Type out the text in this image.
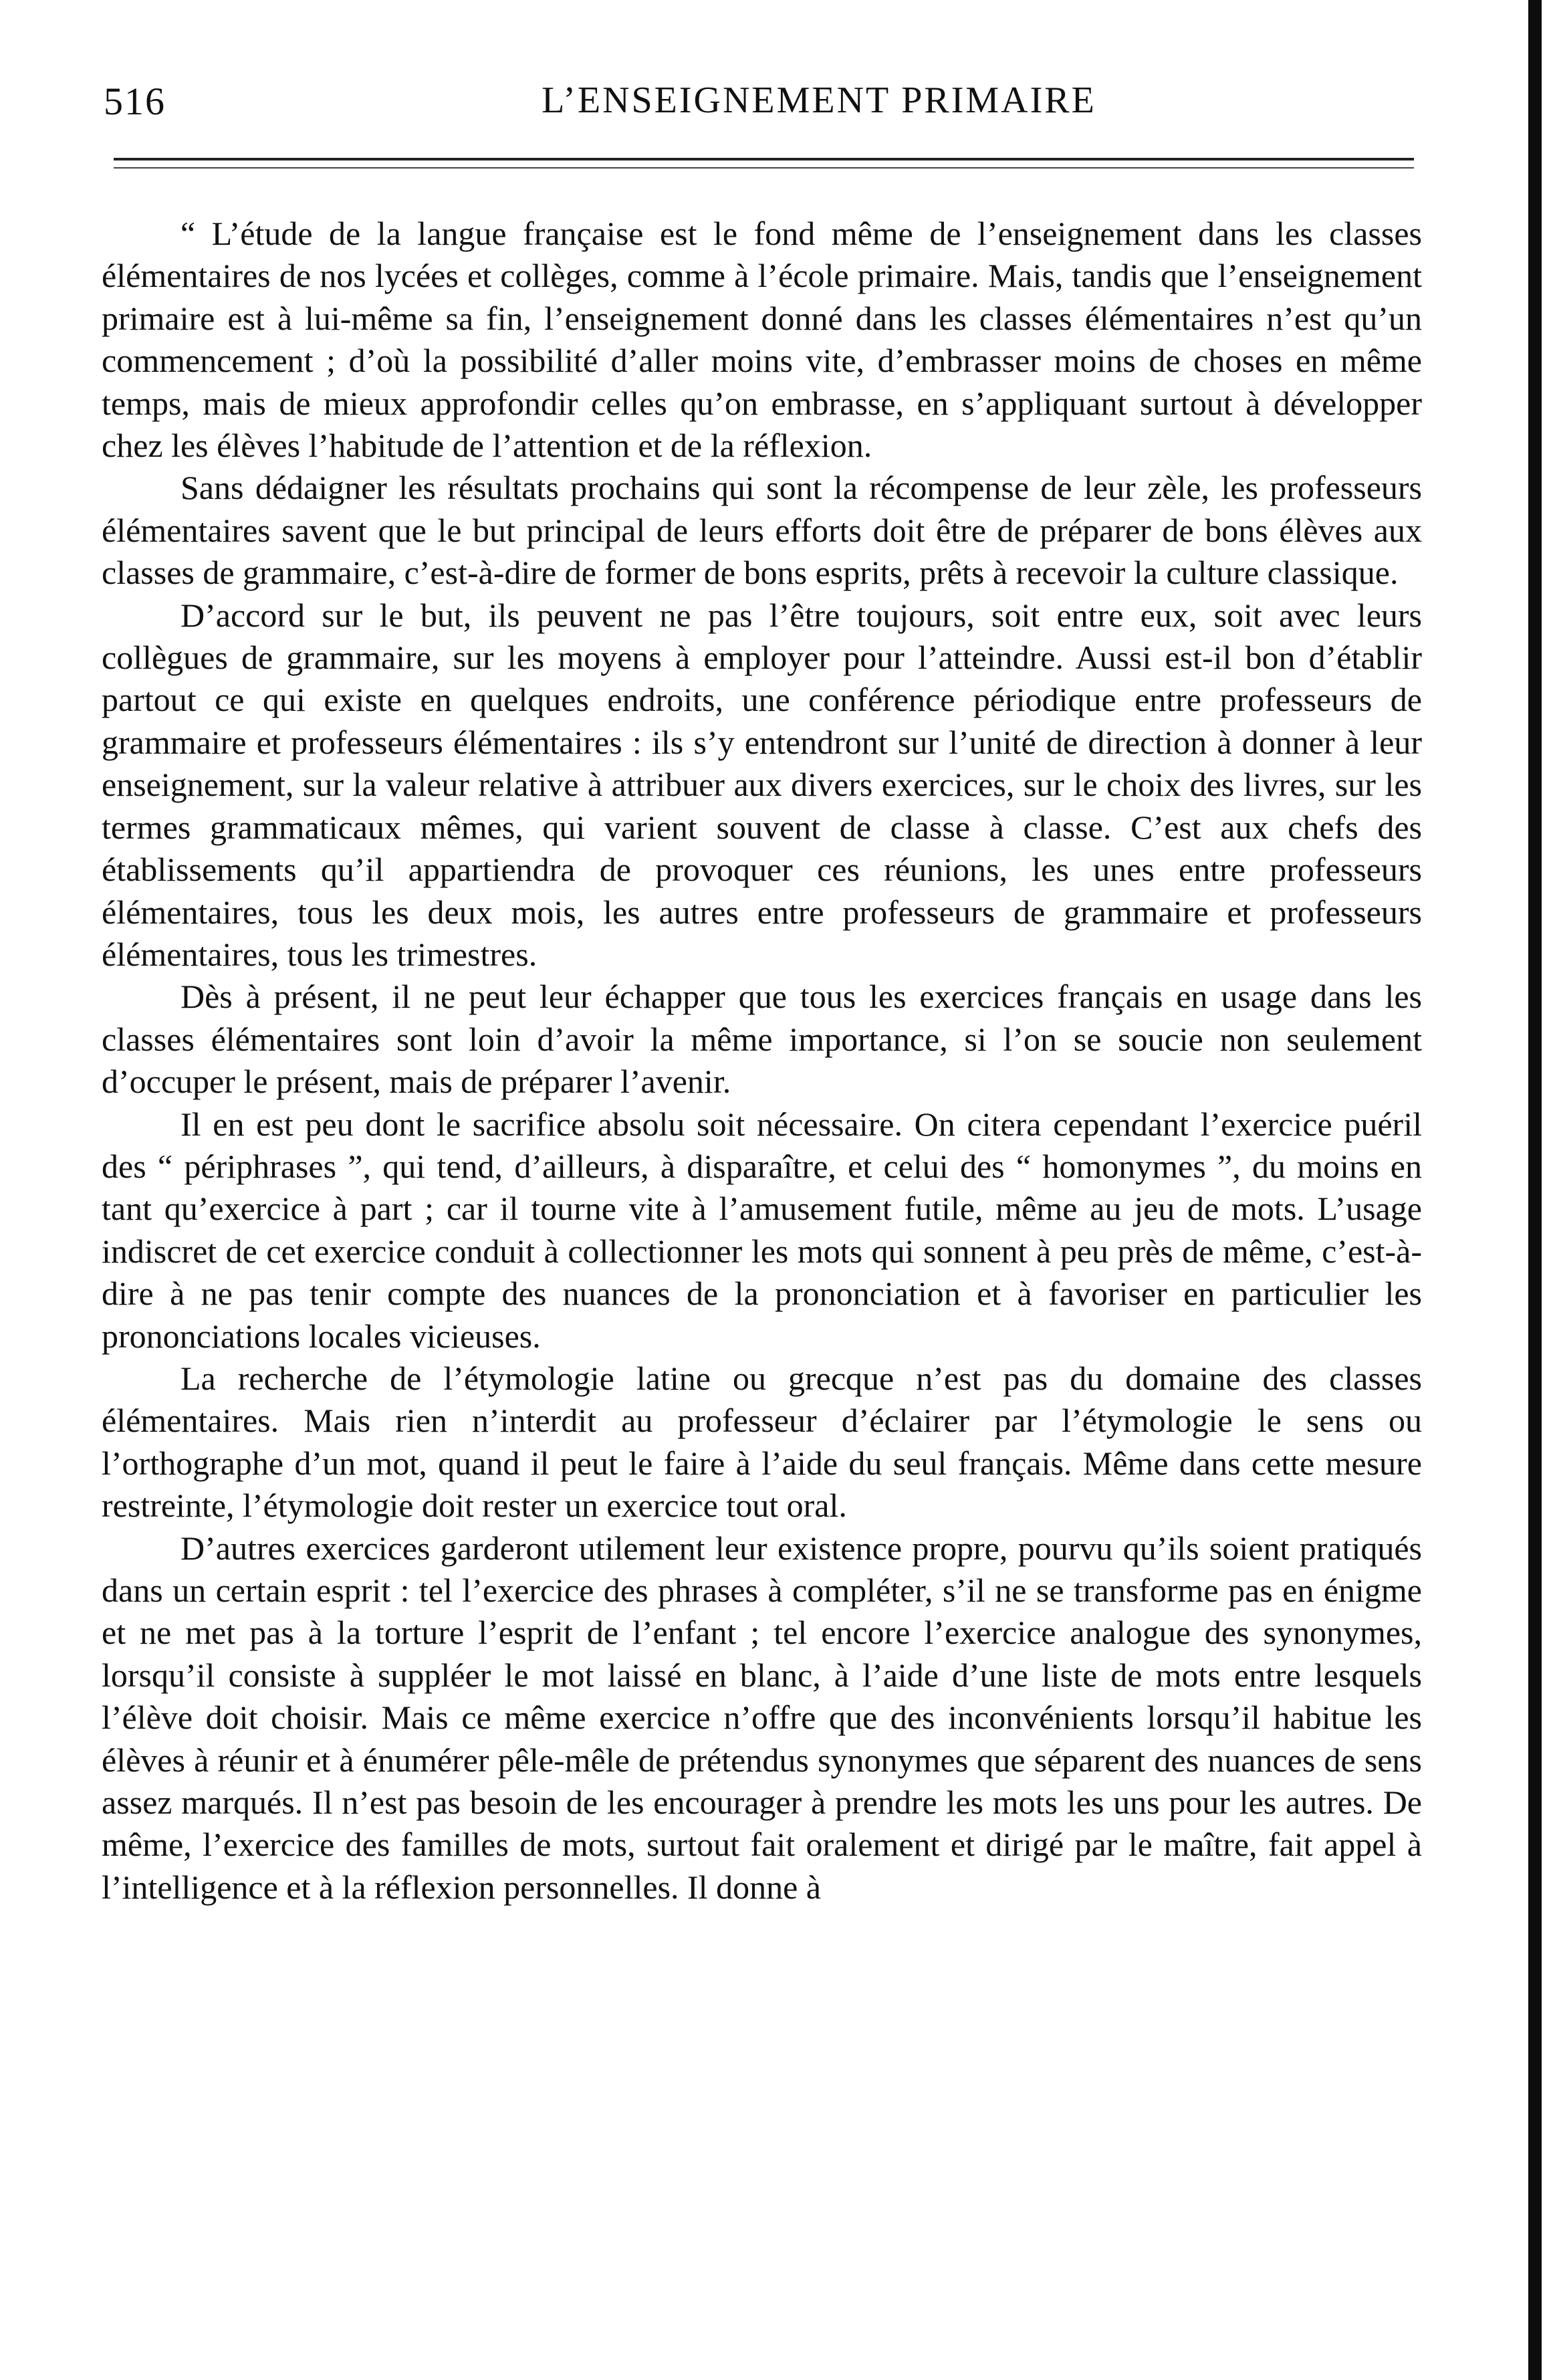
516	L’ENSEIGNEMENT PRIMAIRE

“ L’étude de la langue française est le fond même de l’enseignement dans les classes élémentaires de nos lycées et collèges, comme à l’école primaire. Mais, tandis que l’enseignement primaire est à lui-même sa fin, l’enseignement donné dans les classes élémentaires n’est qu’un commencement ; d’où la possibilité d’aller moins vite, d’embrasser moins de choses en même temps, mais de mieux approfondir celles qu’on embrasse, en s’appliquant surtout à développer chez les élèves l’habitude de l’attention et de la réflexion.

Sans dédaigner les résultats prochains qui sont la récompense de leur zèle, les professeurs élémentaires savent que le but principal de leurs efforts doit être de préparer de bons élèves aux classes de grammaire, c’est-à-dire de former de bons esprits, prêts à recevoir la culture classique.

D’accord sur le but, ils peuvent ne pas l’être toujours, soit entre eux, soit avec leurs collègues de grammaire, sur les moyens à employer pour l’atteindre. Aussi est-il bon d’établir partout ce qui existe en quelques endroits, une conférence périodique entre professeurs de grammaire et professeurs élémentaires : ils s’y entendront sur l’unité de direction à donner à leur enseignement, sur la valeur relative à attribuer aux divers exercices, sur le choix des livres, sur les termes grammaticaux mêmes, qui varient souvent de classe à classe. C’est aux chefs des établissements qu’il appartiendra de provoquer ces réunions, les unes entre professeurs élémentaires, tous les deux mois, les autres entre professeurs de grammaire et professeurs élémentaires, tous les trimestres.

Dès à présent, il ne peut leur échapper que tous les exercices français en usage dans les classes élémentaires sont loin d’avoir la même importance, si l’on se soucie non seulement d’occuper le présent, mais de préparer l’avenir.

Il en est peu dont le sacrifice absolu soit nécessaire. On citera cependant l’exercice puéril des “ périphrases ”, qui tend, d’ailleurs, à disparaître, et celui des “ homonymes ”, du moins en tant qu’exercice à part ; car il tourne vite à l’amusement futile, même au jeu de mots. L’usage indiscret de cet exercice conduit à collectionner les mots qui sonnent à peu près de même, c’est-à-dire à ne pas tenir compte des nuances de la prononciation et à favoriser en particulier les prononciations locales vicieuses.

La recherche de l’étymologie latine ou grecque n’est pas du domaine des classes élémentaires. Mais rien n’interdit au professeur d’éclairer par l’étymologie le sens ou l’orthographe d’un mot, quand il peut le faire à l’aide du seul français. Même dans cette mesure restreinte, l’étymologie doit rester un exercice tout oral.

D’autres exercices garderont utilement leur existence propre, pourvu qu’ils soient pratiqués dans un certain esprit : tel l’exercice des phrases à compléter, s’il ne se transforme pas en énigme et ne met pas à la torture l’esprit de l’enfant ; tel encore l’exercice analogue des synonymes, lorsqu’il consiste à suppléer le mot laissé en blanc, à l’aide d’une liste de mots entre lesquels l’élève doit choisir. Mais ce même exercice n’offre que des inconvénients lorsqu’il habitue les élèves à réunir et à énumérer pêle-mêle de prétendus synonymes que séparent des nuances de sens assez marqués. Il n’est pas besoin de les encourager à prendre les mots les uns pour les autres. De même, l’exercice des familles de mots, surtout fait oralement et dirigé par le maître, fait appel à l’intelligence et à la réflexion personnelles. Il donne à
